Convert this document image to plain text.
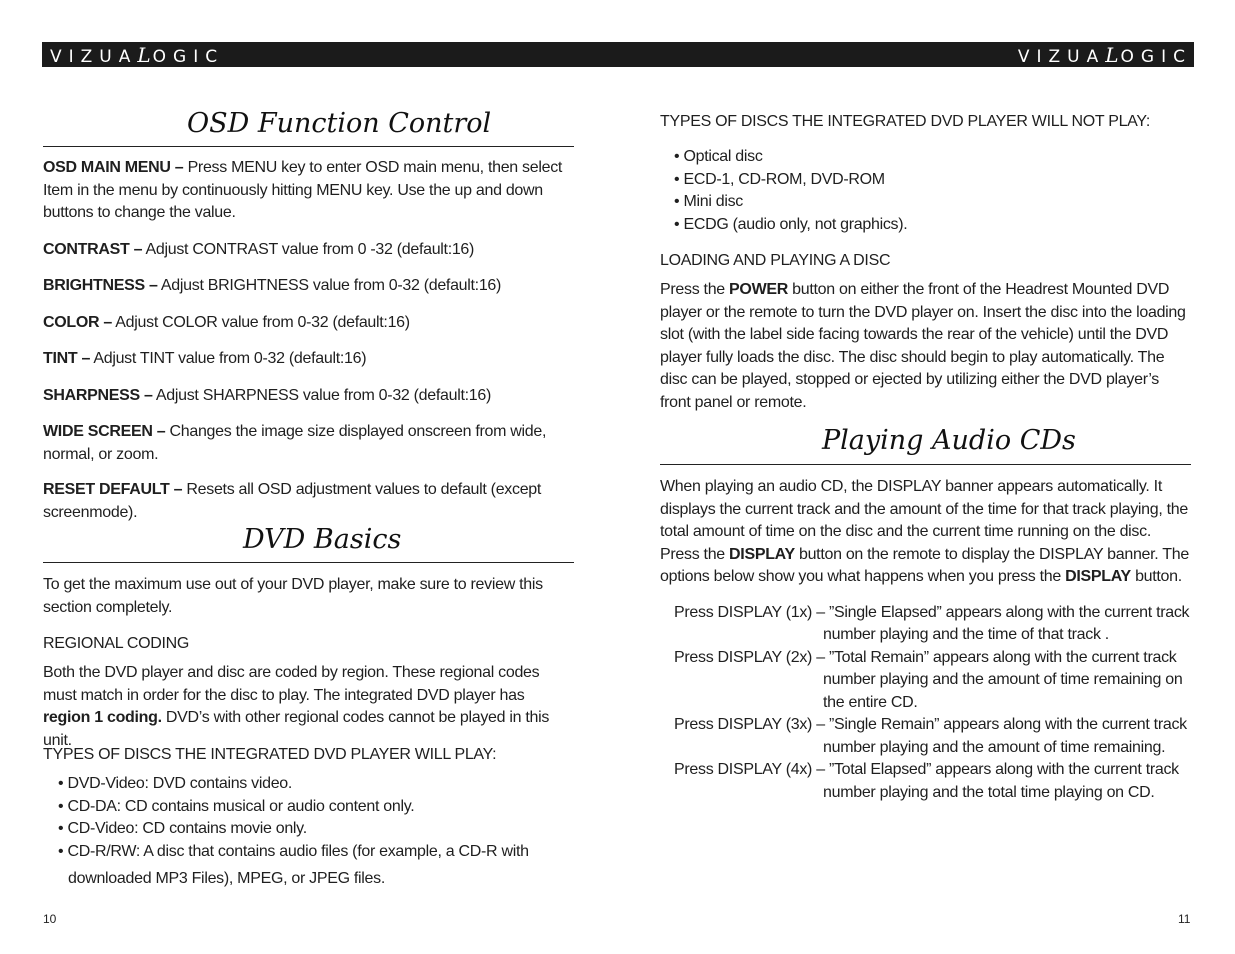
VIZUALOGIC	VIZUALOGIC
OSD Function Control
OSD MAIN MENU – Press MENU key to enter OSD main menu, then select Item in the menu by continuously hitting MENU key. Use the up and down buttons to change the value.
CONTRAST – Adjust CONTRAST value from 0 -32 (default:16)
BRIGHTNESS – Adjust BRIGHTNESS value from 0-32 (default:16)
COLOR – Adjust COLOR value from 0-32 (default:16)
TINT – Adjust TINT value from 0-32 (default:16)
SHARPNESS – Adjust SHARPNESS value from 0-32 (default:16)
WIDE SCREEN – Changes the image size displayed onscreen from wide, normal, or zoom.
RESET DEFAULT – Resets all OSD adjustment values to default (except screenmode).
DVD Basics
To get the maximum use out of your DVD player, make sure to review this section completely.
REGIONAL CODING
Both the DVD player and disc are coded by region. These regional codes must match in order for the disc to play. The integrated DVD player has region 1 coding. DVD’s with other regional codes cannot be played in this unit.
TYPES OF DISCS THE INTEGRATED DVD PLAYER WILL PLAY:
• DVD-Video: DVD contains video.
• CD-DA: CD contains musical or audio content only.
• CD-Video: CD contains movie only.
• CD-R/RW: A disc that contains audio files (for example, a CD-R with
downloaded MP3 Files), MPEG, or JPEG files.
10
TYPES OF DISCS THE INTEGRATED DVD PLAYER WILL NOT PLAY:
• Optical disc
• ECD-1, CD-ROM, DVD-ROM
• Mini disc
• ECDG (audio only, not graphics).
LOADING AND PLAYING A DISC
Press the POWER button on either the front of the Headrest Mounted DVD player or the remote to turn the DVD player on. Insert the disc into the loading slot (with the label side facing towards the rear of the vehicle) until the DVD player fully loads the disc. The disc should begin to play automatically. The disc can be played, stopped or ejected by utilizing either the DVD player’s front panel or remote.
Playing Audio CDs
When playing an audio CD, the DISPLAY banner appears automatically. It displays the current track and the amount of the time for that track playing, the total amount of time on the disc and the current time running on the disc. Press the DISPLAY button on the remote to display the DISPLAY banner. The options below show you what happens when you press the DISPLAY button.
Press DISPLAY (1x) – ”Single Elapsed” appears along with the current track
number playing and the time of that track .
Press DISPLAY (2x) – ”Total Remain” appears along with the current track
number playing and the amount of time remaining on
the entire CD.
Press DISPLAY (3x) – ”Single Remain” appears along with the current track
number playing and the amount of time remaining.
Press DISPLAY (4x) – ”Total Elapsed” appears along with the current track
number playing and the total time playing on CD.
11
